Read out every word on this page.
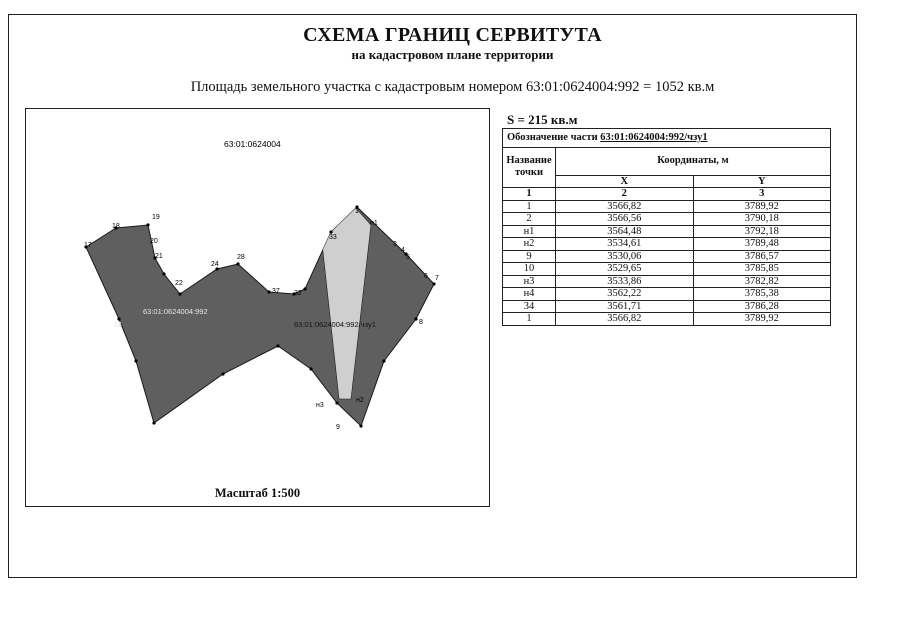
СХЕМА ГРАНИЦ СЕРВИТУТА
на кадастровом плане территории
Площадь земельного участка с кадастровым номером 63:01:0624004:992 = 1052 кв.м
1
н1
33
3
4
5
6 7
8
н2
9
н3
17
18
19
20
21
22
24
28
37
14
32
63:01:0624004
63:01:0624004:992
63:01:0624004:992/чзу1
Масштаб 1:500
S = 215 кв.м
Обозначение части 63:01:0624004:992/чзу1		
Название точки	Координаты, м	
	X	Y
1	2	3
1	3566,82	3789,92
2	3566,56	3790,18
н1	3564,48	3792,18
н2	3534,61	3789,48
9	3530,06	3786,57
10	3529,65	3785,85
н3	3533,86	3782,82
н4	3562,22	3785,38
34	3561,71	3786,28
1	3566,82	3789,92
